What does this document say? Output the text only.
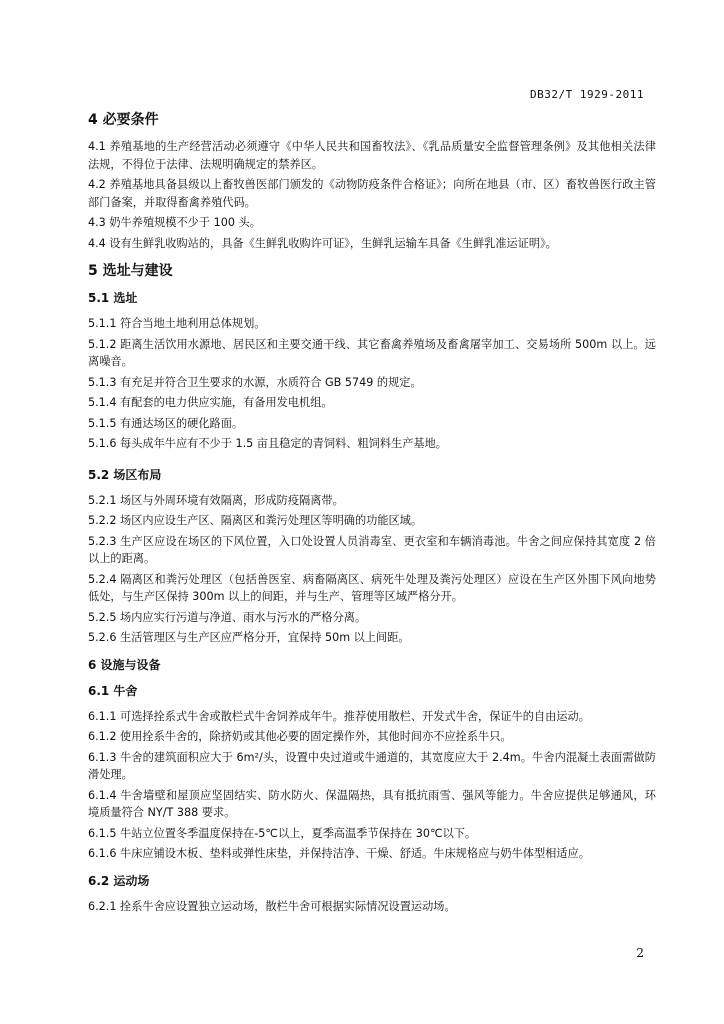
DB32/T 1929-2011
4 必要条件

4.1 养殖基地的生产经营活动必须遵守《中华人民共和国畜牧法》、《乳品质量安全监督管理条例》及其他相关法律法规，不得位于法律、法规明确规定的禁养区。

4.2 养殖基地具备县级以上畜牧兽医部门颁发的《动物防疫条件合格证》；向所在地县（市、区）畜牧兽医行政主管部门备案，并取得畜禽养殖代码。

4.3 奶牛养殖规模不少于 100 头。

4.4 设有生鲜乳收购站的，具备《生鲜乳收购许可证》，生鲜乳运输车具备《生鲜乳准运证明》。

5 选址与建设
5.1 选址

5.1.1 符合当地土地利用总体规划。

5.1.2 距离生活饮用水源地、居民区和主要交通干线、其它畜禽养殖场及畜禽屠宰加工、交易场所 500m 以上。远离噪音。

5.1.3 有充足并符合卫生要求的水源，水质符合 GB 5749 的规定。

5.1.4 有配套的电力供应实施，有备用发电机组。

5.1.5 有通达场区的硬化路面。

5.1.6 每头成年牛应有不少于 1.5 亩且稳定的青饲料、粗饲料生产基地。

5.2 场区布局

5.2.1 场区与外周环境有效隔离，形成防疫隔离带。

5.2.2 场区内应设生产区、隔离区和粪污处理区等明确的功能区域。

5.2.3 生产区应设在场区的下风位置，入口处设置人员消毒室、更衣室和车辆消毒池。牛舍之间应保持其宽度 2 倍以上的距离。

5.2.4 隔离区和粪污处理区（包括兽医室、病畜隔离区、病死牛处理及粪污处理区）应设在生产区外围下风向地势低处，与生产区保持 300m 以上的间距，并与生产、管理等区域严格分开。

5.2.5 场内应实行污道与净道、雨水与污水的严格分离。

5.2.6 生活管理区与生产区应严格分开，宜保持 50m 以上间距。

6 设施与设备
6.1 牛舍

6.1.1 可选择拴系式牛舍或散栏式牛舍饲养成年牛。推荐使用散栏、开发式牛舍，保证牛的自由运动。

6.1.2 使用拴系牛舍的，除挤奶或其他必要的固定操作外，其他时间亦不应拴系牛只。

6.1.3 牛舍的建筑面积应大于 6m²/头，设置中央过道或牛通道的，其宽度应大于 2.4m。牛舍内混凝土表面需做防滑处理。

6.1.4 牛舍墙壁和屋顶应坚固结实、防水防火、保温隔热，具有抵抗雨雪、强风等能力。牛舍应提供足够通风，环境质量符合 NY/T 388 要求。

6.1.5 牛站立位置冬季温度保持在-5℃以上，夏季高温季节保持在 30℃以下。

6.1.6 牛床应铺设木板、垫料或弹性床垫，并保持洁净、干燥、舒适。牛床规格应与奶牛体型相适应。

6.2 运动场

6.2.1 拴系牛舍应设置独立运动场，散栏牛舍可根据实际情况设置运动场。

2
